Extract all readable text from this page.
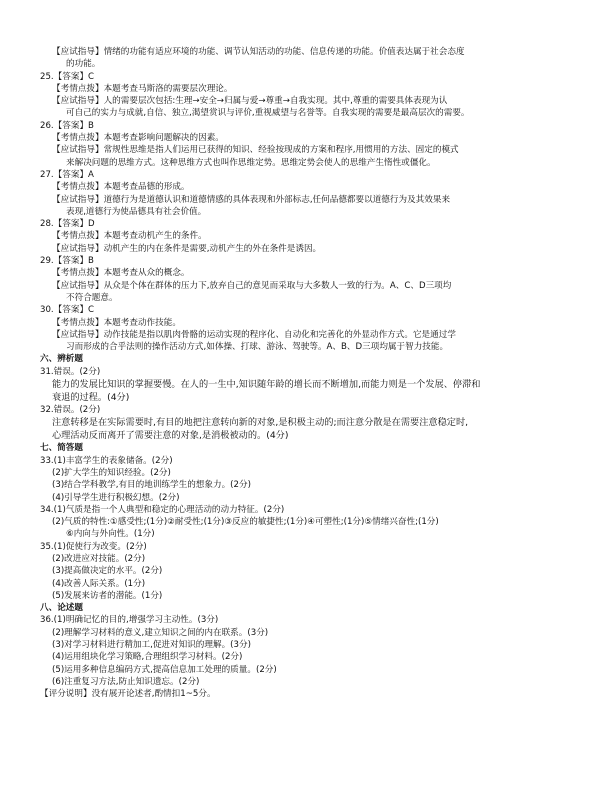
【应试指导】情绪的功能有适应环境的功能、调节认知活动的功能、信息传递的功能。价值表达属于社会态度
的功能。
25.【答案】C
【考情点拨】本题考查马斯洛的需要层次理论。
【应试指导】人的需要层次包括:生理→安全→归属与爱→尊重→自我实现。其中,尊重的需要具体表现为认
可自己的实力与成就,自信、独立,渴望赏识与评价,重视威望与名誉等。自我实现的需要是最高层次的需要。
26.【答案】B
【考情点拨】本题考查影响问题解决的因素。
【应试指导】常规性思维是指人们运用已获得的知识、经验按现成的方案和程序,用惯用的方法、固定的模式
来解决问题的思维方式。这种思维方式也叫作思维定势。思维定势会使人的思维产生惰性或僵化。
27.【答案】A
【考情点拨】本题考查品德的形成。
【应试指导】道德行为是道德认识和道德情感的具体表现和外部标志,任何品德都要以道德行为及其效果来
表现,道德行为使品德具有社会价值。
28.【答案】D
【考情点拨】本题考查动机产生的条件。
【应试指导】动机产生的内在条件是需要,动机产生的外在条件是诱因。
29.【答案】B
【考情点拨】本题考查从众的概念。
【应试指导】从众是个体在群体的压力下,放弃自己的意见而采取与大多数人一致的行为。A、C、D三项均
不符合题意。
30.【答案】C
【考情点拨】本题考查动作技能。
【应试指导】动作技能是指以肌肉骨骼的运动实现的程序化、自动化和完善化的外显动作方式。它是通过学
习而形成的合乎法则的操作活动方式,如体操、打球、游泳、驾驶等。A、B、D三项均属于智力技能。
六、辨析题
31.错误。(2分)
能力的发展比知识的掌握要慢。在人的一生中,知识随年龄的增长而不断增加,而能力则是一个发展、停滞和
衰退的过程。(4分)
32.错误。(2分)
注意转移是在实际需要时,有目的地把注意转向新的对象,是积极主动的;而注意分散是在需要注意稳定时,
心理活动反而离开了需要注意的对象,是消极被动的。(4分)
七、简答题
33.(1)丰富学生的表象储备。(2分)
(2)扩大学生的知识经验。(2分)
(3)结合学科教学,有目的地训练学生的想象力。(2分)
(4)引导学生进行积极幻想。(2分)
34.(1)气质是指一个人典型和稳定的心理活动的动力特征。(2分)
(2)气质的特性:①感受性;(1分)②耐受性;(1分)③反应的敏捷性;(1分)④可塑性;(1分)⑤情绪兴奋性;(1分)
⑥内向与外向性。(1分)
35.(1)促使行为改变。(2分)
(2)改进应对技能。(2分)
(3)提高做决定的水平。(2分)
(4)改善人际关系。(1分)
(5)发展来访者的潜能。(1分)
八、论述题
36.(1)明确记忆的目的,增强学习主动性。(3分)
(2)理解学习材料的意义,建立知识之间的内在联系。(3分)
(3)对学习材料进行精加工,促进对知识的理解。(3分)
(4)运用组块化学习策略,合理组织学习材料。(2分)
(5)运用多种信息编码方式,提高信息加工处理的质量。(2分)
(6)注重复习方法,防止知识遗忘。(2分)
【评分说明】没有展开论述者,酌情扣1~5分。
